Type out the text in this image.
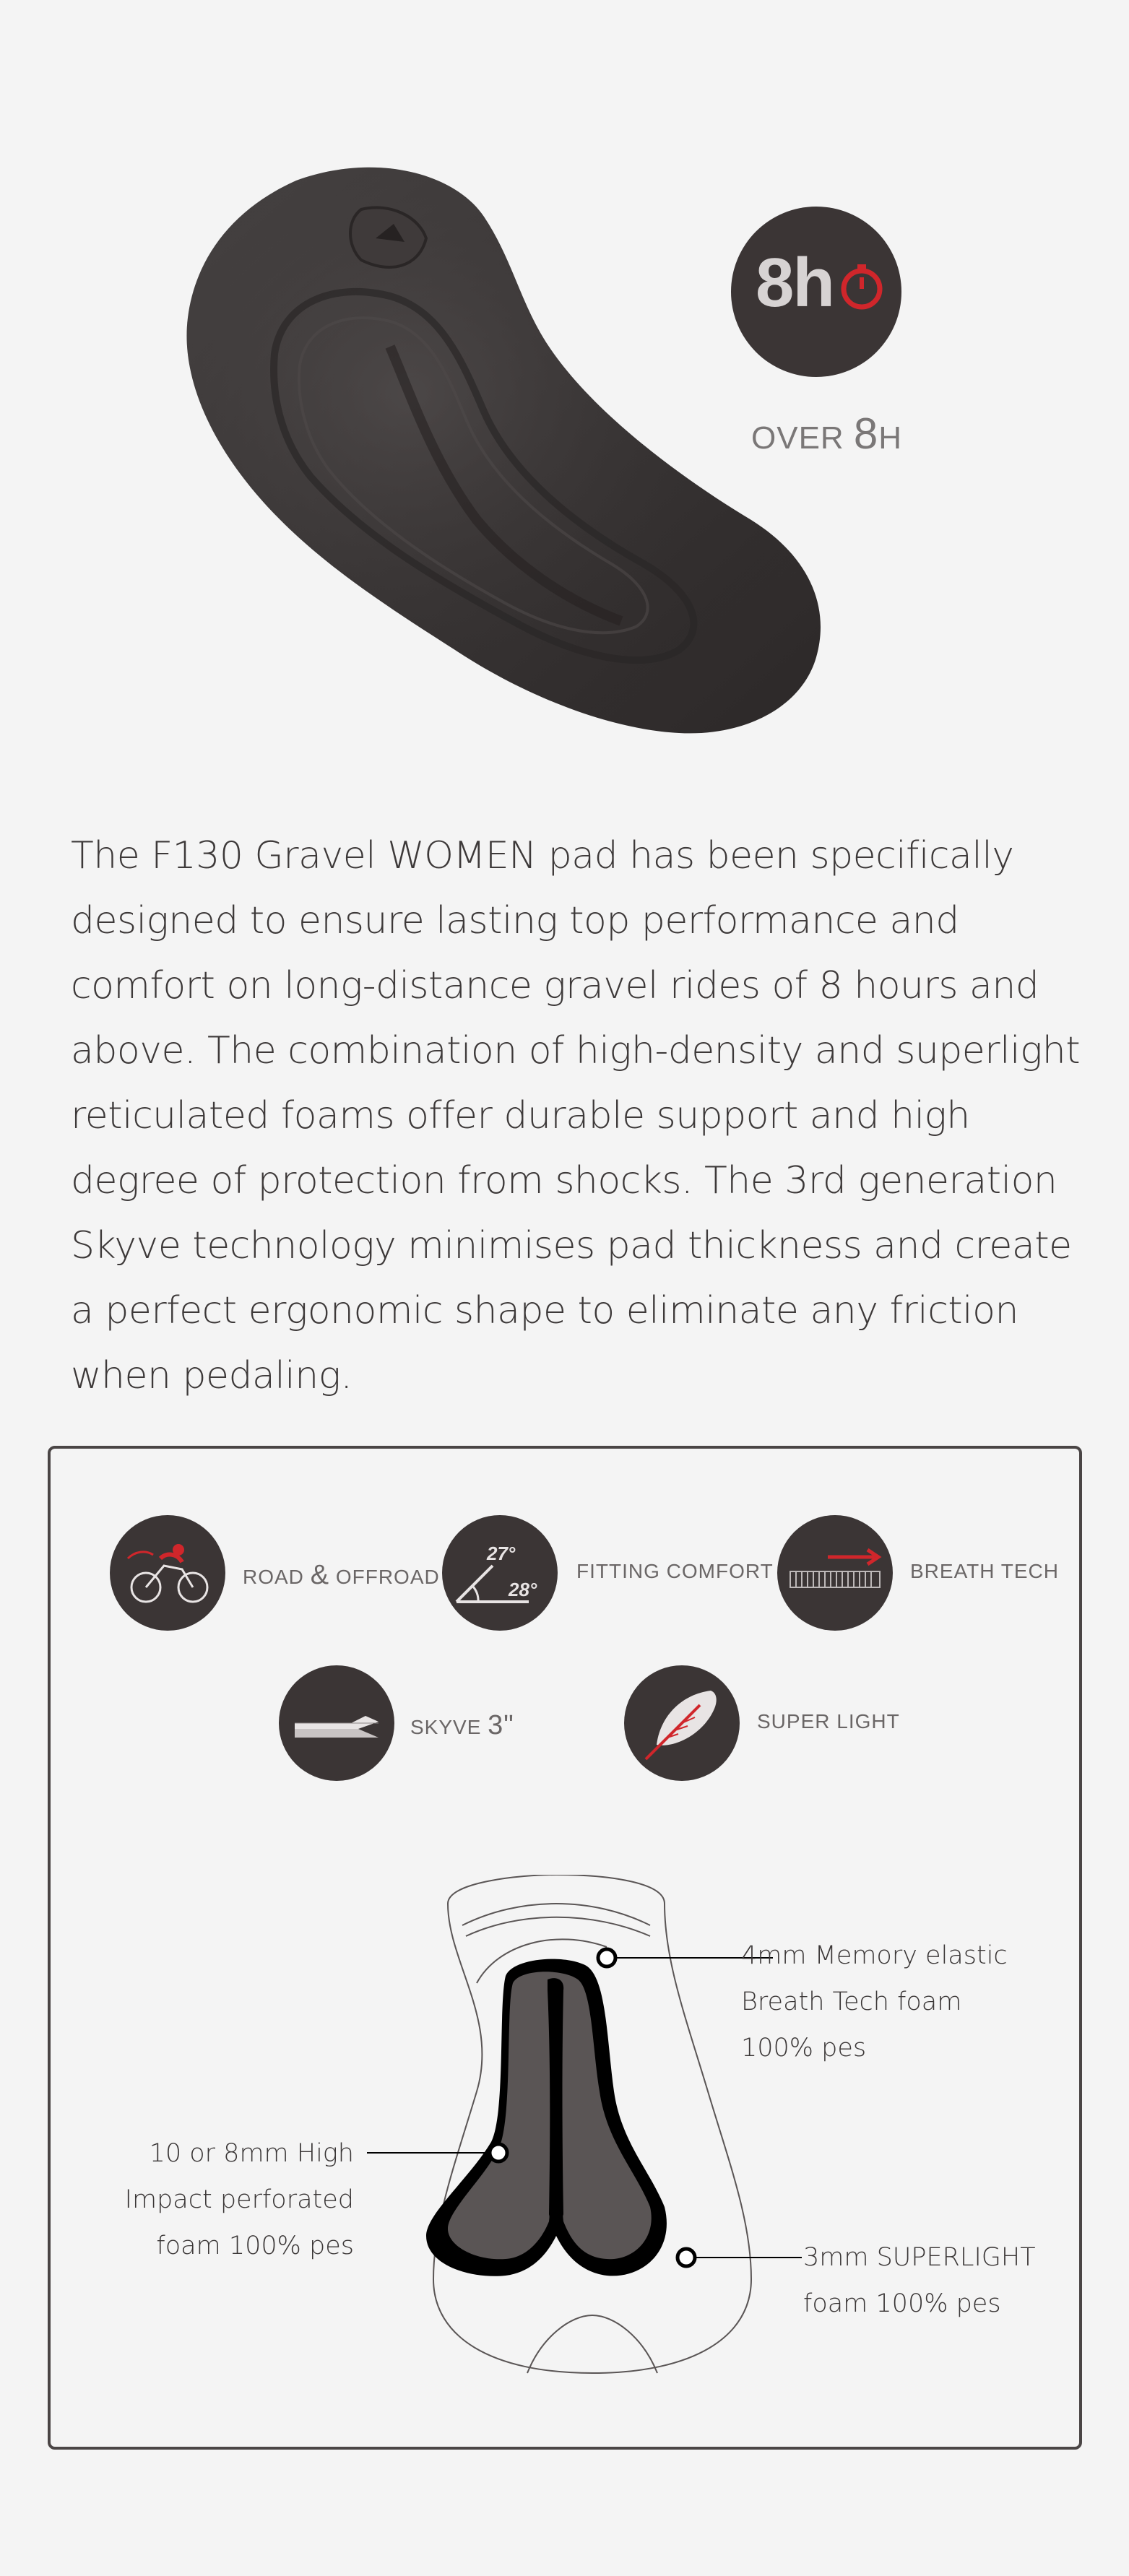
8h
OVER 8H
The F130 Gravel WOMEN pad has been specifically designed to ensure lasting top performance and comfort on long-distance gravel rides of 8 hours and above. The combination of high-density and superlight reticulated foams offer durable support and high degree of protection from shocks. The 3rd generation Skyve technology minimises pad thickness and create a perfect ergonomic shape to eliminate any friction when pedaling.
ROAD & OFFROAD
27°
28°
FITTING COMFORT	BREATH TECH
SKYVE 3"	SUPER LIGHT
4mm Memory elastic
Breath Tech foam
100% pes
10 or 8mm High
Impact perforated
foam 100% pes	3mm SUPERLIGHT
foam 100% pes
